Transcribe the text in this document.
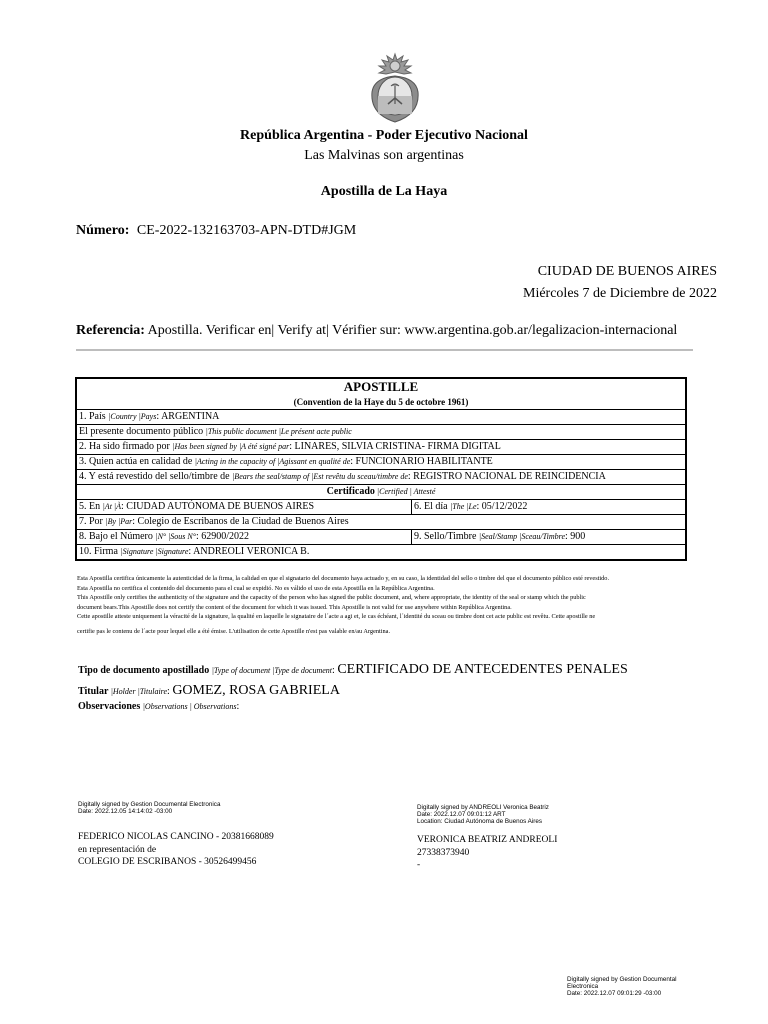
República Argentina - Poder Ejecutivo Nacional
Las Malvinas son argentinas
Apostilla de La Haya
Número: CE-2022-132163703-APN-DTD#JGM
CIUDAD DE BUENOS AIRES
Miércoles 7 de Diciembre de 2022
Referencia: Apostilla. Verificar en| Verify at| Vérifier sur: www.argentina.gob.ar/legalizacion-internacional
APOSTILLE	
(Convention de la Haye du 5 de octobre 1961)	
1. País |Country |Pays: ARGENTINA	
El presente documento público |This public document |Le présent acte public	
2. Ha sido firmado por |Has been signed by |A été signé par: LINARES, SILVIA CRISTINA- FIRMA DIGITAL	
3. Quien actúa en calidad de |Acting in the capacity of |Agissant en qualité de: FUNCIONARIO HABILITANTE	
4. Y está revestido del sello/timbre de |Bears the seal/stamp of |Est revêtu du sceau/timbre de: REGISTRO NACIONAL DE REINCIDENCIA	
Certificado |Certified | Attesté	
5. En |At |À: CIUDAD AUTÓNOMA DE BUENOS AIRES	6. El día |The |Le: 05/12/2022
7. Por |By |Par: Colegio de Escribanos de la Ciudad de Buenos Aires	
8. Bajo el Número |N° |Sous N°: 62900/2022	9. Sello/Timbre |Seal/Stamp |Sceau/Timbre: 900
10. Firma |Signature |Signature: ANDREOLI VERONICA B.	

Esta Apostilla certifica únicamente la autenticidad de la firma, la calidad en que el signatario del documento haya actuado y, en su caso, la identidad del sello o timbre del que el documento público esté revestido.

Esta Apostilla no certifica el contenido del documento para el cual se expidió. No es válido el uso de esta Apostilla en la República Argentina.

This Apostille only certifies the authenticity of the signature and the capacity of the person who has signed the public document, and, where appropriate, the identity of the seal or stamp which the public

document bears.This Apostille does not certify the content of the document for which it was issued. This Apostille is not valid for use anywhere within República Argentina.

Cette apostille atteste uniquement la véracité de la signature, la qualité en laquelle le signataire de l´acte a agi et, le cas échéant, l´identité du sceau ou timbre dont cet acte public est revêtu. Cette apostille ne

certifie pas le contenu de l´acte pour lequel elle a été émise. L'utilisation de cette Apostille n'est pas valable en/au Argentina.

Tipo de documento apostillado |Type of document |Type de document: CERTIFICADO DE ANTECEDENTES PENALES
Titular |Holder |Titulaire: GOMEZ, ROSA GABRIELA
Observaciones |Observations | Observations:
Digitally signed by Gestion Documental Electronica
Date: 2022.12.05 14:14:02 -03:00
FEDERICO NICOLAS CANCINO - 20381668089
en representación de
COLEGIO DE ESCRIBANOS - 30526499456
Digitally signed by ANDREOLI Veronica Beatriz
Date: 2022.12.07 09:01:12 ART
Location: Ciudad Autónoma de Buenos Aires
VERONICA BEATRIZ ANDREOLI
27338373940
-
Digitally signed by Gestion Documental
Electronica
Date: 2022.12.07 09:01:29 -03:00
